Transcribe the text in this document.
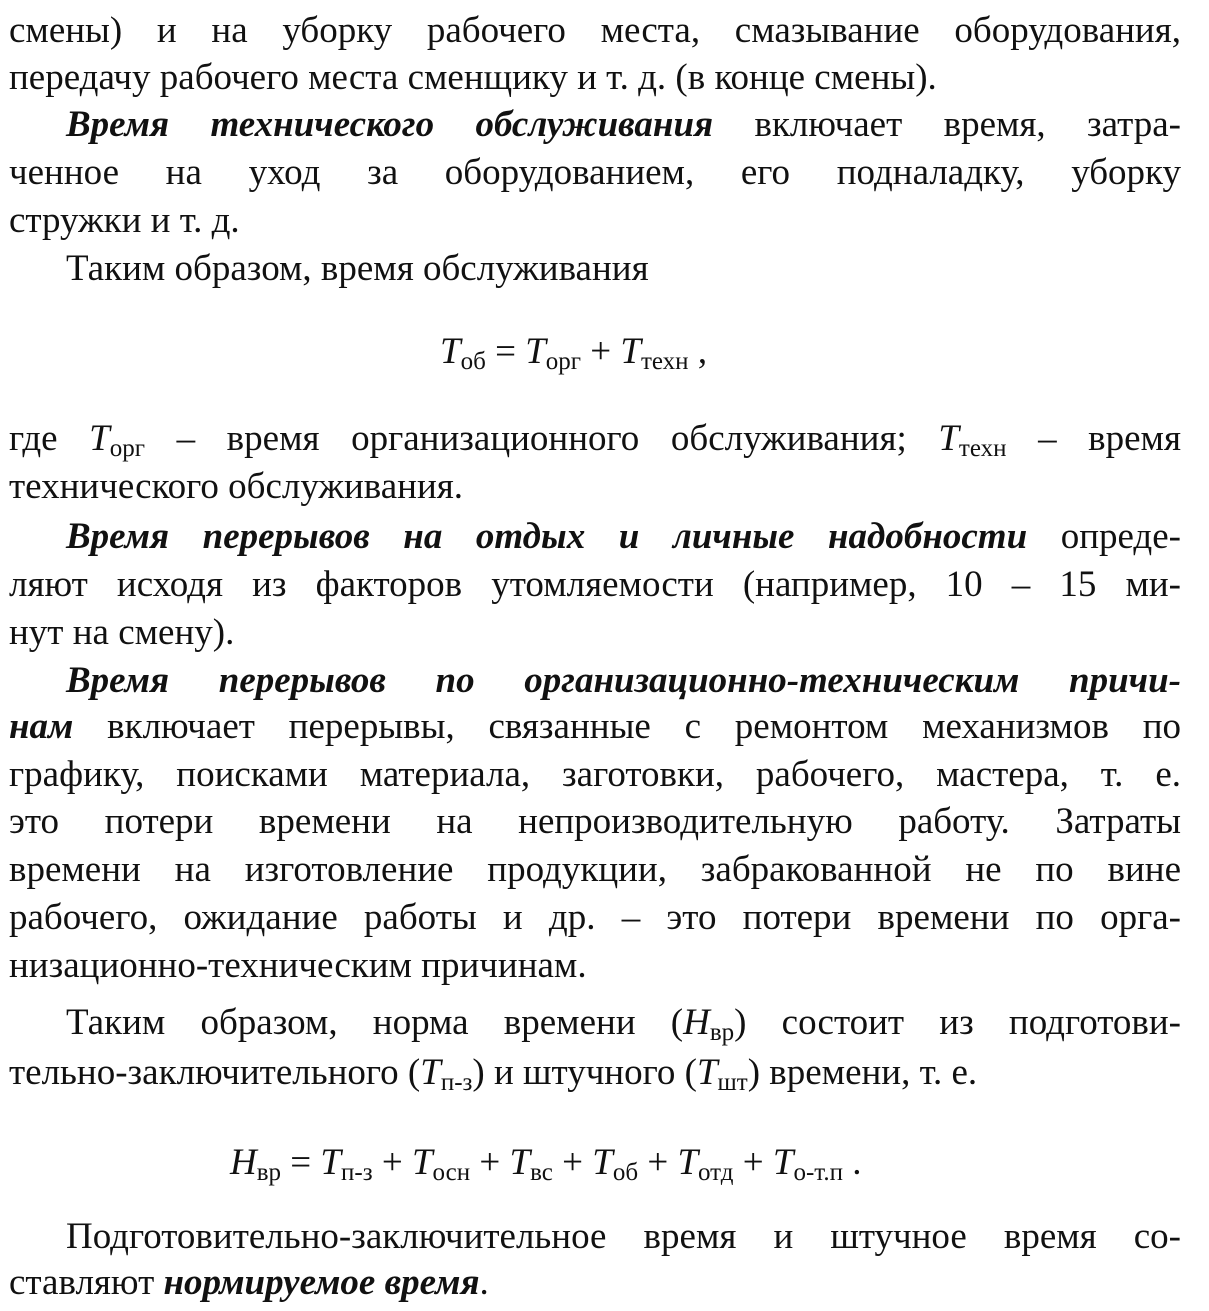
смены) и на уборку рабочего места, смазывание оборудования,
передачу рабочего места сменщику и т. д. (в конце смены).
Время технического обслуживания включает время, затра-
ченное на уход за оборудованием, его подналадку, уборку
стружки и т. д.
Таким образом, время обслуживания
$T_{об} = T_{орг} + T_{техн}$ ,
где $T_{орг}$ – время организационного обслуживания; $T_{техн}$ – время
технического обслуживания.
Время перерывов на отдых и личные надобности опреде-
ляют исходя из факторов утомляемости (например, 10 – 15 ми-
нут на смену).
Время перерывов по организационно-техническим причи-
нам включает перерывы, связанные с ремонтом механизмов по
графику, поисками материала, заготовки, рабочего, мастера, т. е.
это потери времени на непроизводительную работу. Затраты
времени на изготовление продукции, забракованной не по вине
рабочего, ожидание работы и др. – это потери времени по орга-
низационно-техническим причинам.
Таким образом, норма времени $(H_{вр})$ состоит из подготови-
тельно-заключительного $(T_{п-з})$ и штучного $(T_{шт})$ времени, т. е.
$H_{вр} = T_{п-з} + T_{осн} + T_{вс} + T_{об} + T_{отд} + T_{о-т.п}$ .
Подготовительно-заключительное время и штучное время со-
ставляют нормируемое время.
